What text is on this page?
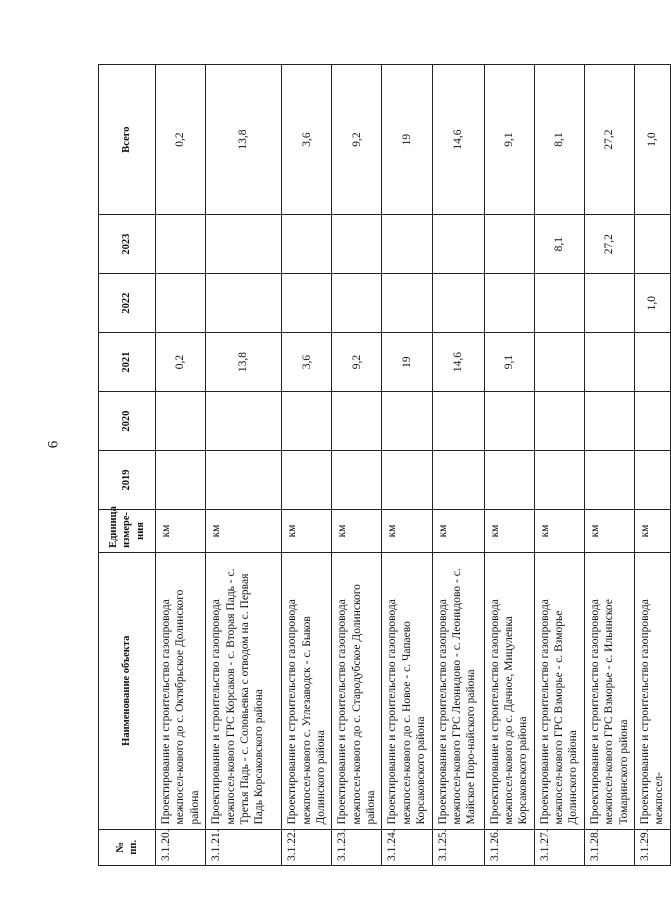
6
№ пп.	Наименование объекта	Единица измере-ния	2019	2020	2021	2022	2023	Всего
3.1.20.	Проектирование и строительство газопровода межпосел-кового до с. Октябрьское Долинского района	км			0,2			0,2
3.1.21.	Проектирование и строительство газопровода межпосел-кового ГРС Корсаков - с. Вторая Падь - с. Третья Падь - с. Соловьевка с отводом на с. Первая Падь Корсаковского района	км			13,8			13,8
3.1.22.	Проектирование и строительство газопровода межпосел-кового с. Углезаводск - с. Быков Долинского района	км			3,6			3,6
3.1.23.	Проектирование и строительство газопровода межпосел-кового до с. Стародубское Долинского района	км			9,2			9,2
3.1.24.	Проектирование и строительство газопровода межпосел-кового до с. Новое - с. Чапаево Корсаковского района	км			19			19
3.1.25.	Проектирование и строительство газопровода межпосел-кового ГРС Леонидово - с. Леонидово - с. Майское Поро-найского района	км			14,6			14,6
3.1.26.	Проектирование и строительство газопровода межпосел-кового до с. Дачное, Мицулевка Корсаковского района	км			9,1			9,1
3.1.27.	Проектирование и строительство газопровода межпосел-кового ГРС Взморье - с. Взморье Долинского района	км					8,1	8,1
3.1.28.	Проектирование и строительство газопровода межпосел-кового ГРС Взморье - с. Ильинское Томаринского района	км					27,2	27,2
3.1.29.	Проектирование и строительство газопровода межпосел-	км				1,0		1,0
